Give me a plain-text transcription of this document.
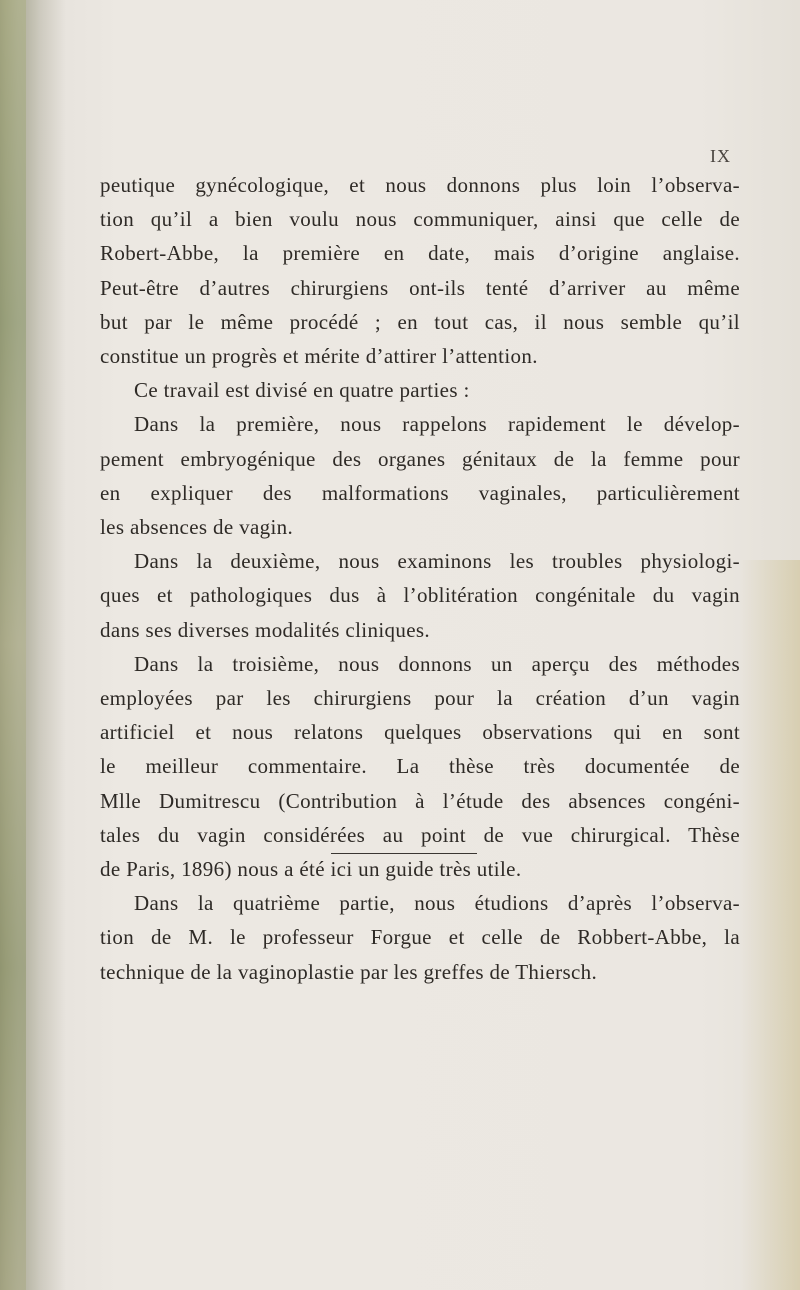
IX
peutique gynécologique, et nous donnons plus loin l’observa-
tion qu’il a bien voulu nous communiquer, ainsi que celle de
Robert-Abbe, la première en date, mais d’origine anglaise.
Peut-être d’autres chirurgiens ont-ils tenté d’arriver au même
but par le même procédé ; en tout cas, il nous semble qu’il
constitue un progrès et mérite d’attirer l’attention.
Ce travail est divisé en quatre parties :
Dans la première, nous rappelons rapidement le dévelop-
pement embryogénique des organes génitaux de la femme pour
en expliquer des malformations vaginales, particulièrement
les absences de vagin.
Dans la deuxième, nous examinons les troubles physiologi-
ques et pathologiques dus à l’oblitération congénitale du vagin
dans ses diverses modalités cliniques.
Dans la troisième, nous donnons un aperçu des méthodes
employées par les chirurgiens pour la création d’un vagin
artificiel et nous relatons quelques observations qui en sont
le meilleur commentaire. La thèse très documentée de
Mlle Dumitrescu (Contribution à l’étude des absences congéni-
tales du vagin considérées au point de vue chirurgical. Thèse
de Paris, 1896) nous a été ici un guide très utile.
Dans la quatrième partie, nous étudions d’après l’observa-
tion de M. le professeur Forgue et celle de Robbert-Abbe, la
technique de la vaginoplastie par les greffes de Thiersch.
